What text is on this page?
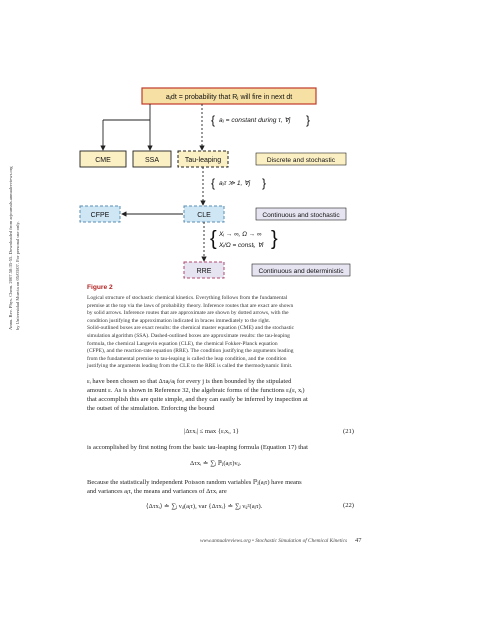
Annu. Rev. Phys. Chem. 2007.58:35-55. Downloaded from arjournals.annualreviews.org by Universidad Murcia on 05/03/07. For personal use only.
aⱼdt = probability that Rⱼ will fire in next dt
{ aⱼ = constant during τ, ∀j }
CME	SSA	Tau-leaping	Discrete and stochastic
{ aⱼτ ≫ 1, ∀j }
CFPE	CLE	Continuous and stochastic
{ Xᵢ → ∞, Ω → ∞
Xᵢ/Ω = constᵢ, ∀i }
RRE	Continuous and deterministic
Figure 2

Logical structure of stochastic chemical kinetics. Everything follows from the fundamental

premise at the top via the laws of probability theory. Inference routes that are exact are shown

by solid arrows. Inference routes that are approximate are shown by dotted arrows, with the

condition justifying the approximation indicated in braces immediately to the right.

Solid-outlined boxes are exact results: the chemical master equation (CME) and the stochastic

simulation algorithm (SSA). Dashed-outlined boxes are approximate results: the tau-leaping

formula, the chemical Langevin equation (CLE), the chemical Fokker-Planck equation

(CFPE), and the reaction-rate equation (RRE). The condition justifying the arguments leading

from the fundamental premise to tau-leaping is called the leap condition, and the condition

justifying the arguments leading from the CLE to the RRE is called the thermodynamic limit.

εᵢ have been chosen so that Δτaⱼ/aⱼ for every j is then bounded by the stipulated

amount ε. As is shown in Reference 32, the algebraic forms of the functions εᵢ(ε, xᵢ)

that accomplish this are quite simple, and they can easily be inferred by inspection at

the outset of the simulation. Enforcing the bound

|Δτxᵢ| ≤ max {εᵢxᵢ, 1}	(21)
is accomplished by first noting from the basic tau-leaping formula (Equation 17) that
Δτxᵢ ≐ ∑ⱼ ℙⱼ(aⱼτ)νᵢⱼ.

Because the statistically independent Poisson random variables ℙⱼ(aⱼτ) have means

and variances aⱼτ, the means and variances of Δτxᵢ are

⟨Δτxᵢ⟩ ≐ ∑ⱼ νᵢⱼ(aⱼτ), var {Δτxᵢ} ≐ ∑ⱼ νᵢⱼ²(aⱼτ).	(22)
www.annualreviews.org • Stochastic Simulation of Chemical Kinetics 47
